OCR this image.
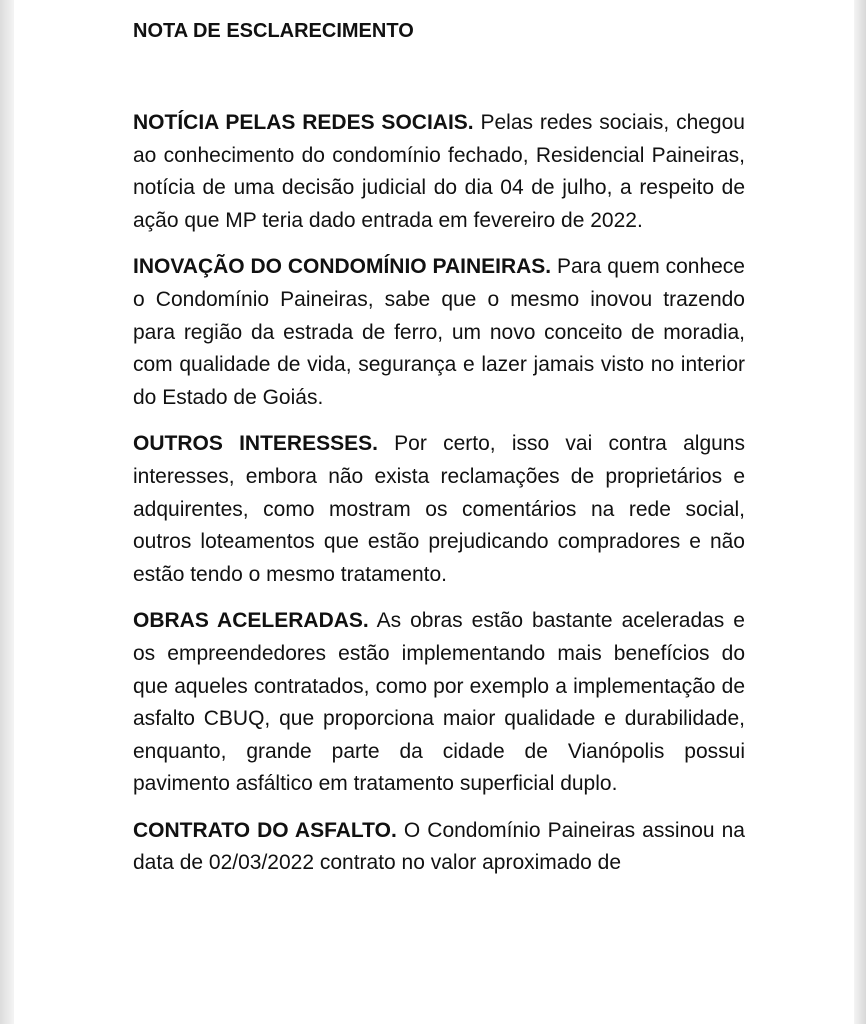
NOTA DE ESCLARECIMENTO

NOTÍCIA PELAS REDES SOCIAIS. Pelas redes sociais, chegou ao conhecimento do condomínio fechado, Residencial Paineiras, notícia de uma decisão judicial do dia 04 de julho, a respeito de ação que MP teria dado entrada em fevereiro de 2022.

INOVAÇÃO DO CONDOMÍNIO PAINEIRAS. Para quem conhece o Condomínio Paineiras, sabe que o mesmo inovou trazendo para região da estrada de ferro, um novo conceito de moradia, com qualidade de vida, segurança e lazer jamais visto no interior do Estado de Goiás.

OUTROS INTERESSES. Por certo, isso vai contra alguns interesses, embora não exista reclamações de proprietários e adquirentes, como mostram os comentários na rede social, outros loteamentos que estão prejudicando compradores e não estão tendo o mesmo tratamento.

OBRAS ACELERADAS. As obras estão bastante aceleradas e os empreendedores estão implementando mais benefícios do que aqueles contratados, como por exemplo a implementação de asfalto CBUQ, que proporciona maior qualidade e durabilidade, enquanto, grande parte da cidade de Vianópolis possui pavimento asfáltico em tratamento superficial duplo.

CONTRATO DO ASFALTO. O Condomínio Paineiras assinou na data de 02/03/2022 contrato no valor aproximado de
